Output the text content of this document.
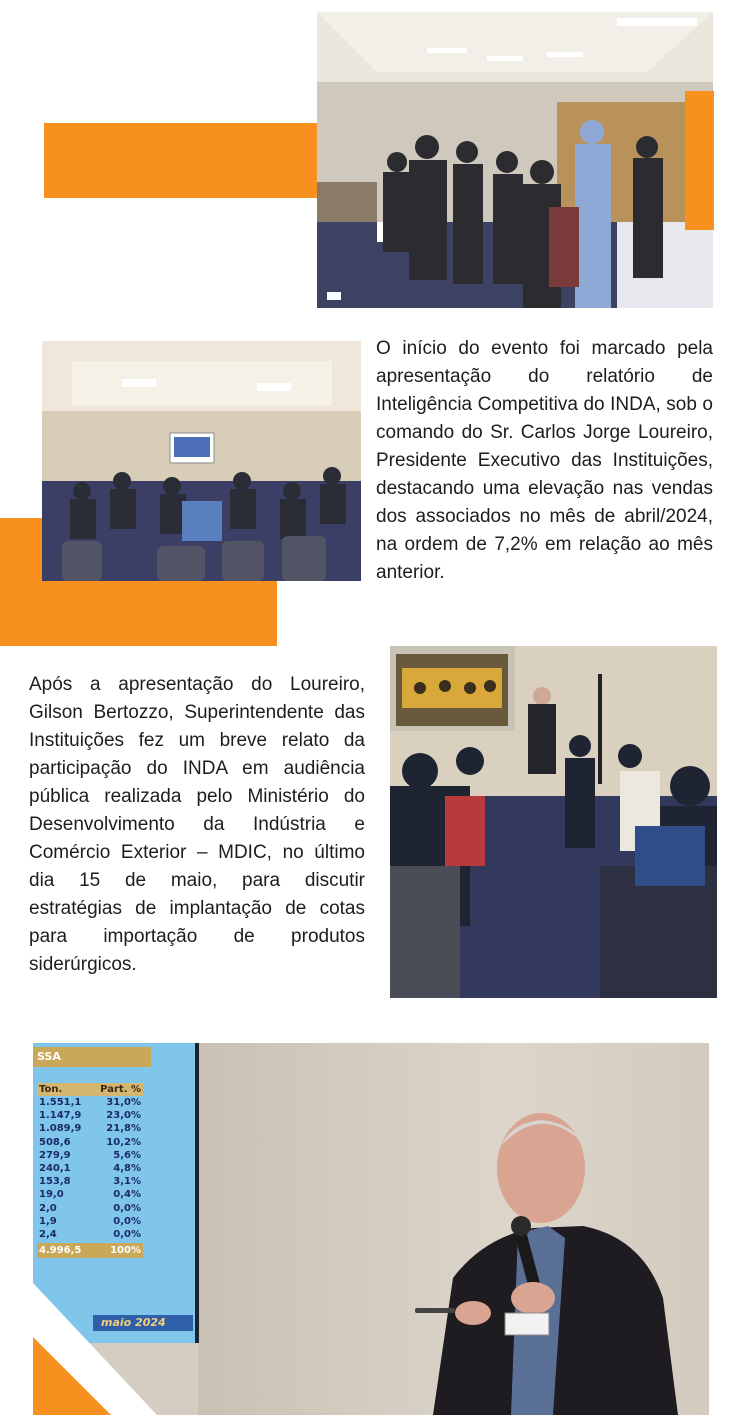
O início do evento foi marcado pela apresentação do relatório de Inteligência Competitiva do INDA, sob o comando do Sr. Carlos Jorge Loureiro, Presidente Executivo das Instituições, destacando uma elevação nas vendas dos associados no mês de abril/2024, na ordem de 7,2% em relação ao mês anterior.

Após a apresentação do Loureiro, Gilson Bertozzo, Superintendente das Instituições fez um breve relato da participação do INDA em audiência pública realizada pelo Ministério do Desenvolvimento da Indústria e Comércio Exterior – MDIC, no último dia 15 de maio, para discutir estratégias de implantação de cotas para importação de produtos siderúrgicos.

SSA
Ton.	Part. %
1.551,1 31,0%
1.147,9 23,0%
1.089,9 21,8%
508,6	10,2%
279,9	5,6%
240,1	4,8%
153,8	3,1%
19,0	0,4%
2,0	0,0%
1,9	0,0%
2,4	0,0%
4.996,5	100%
maio 2024
